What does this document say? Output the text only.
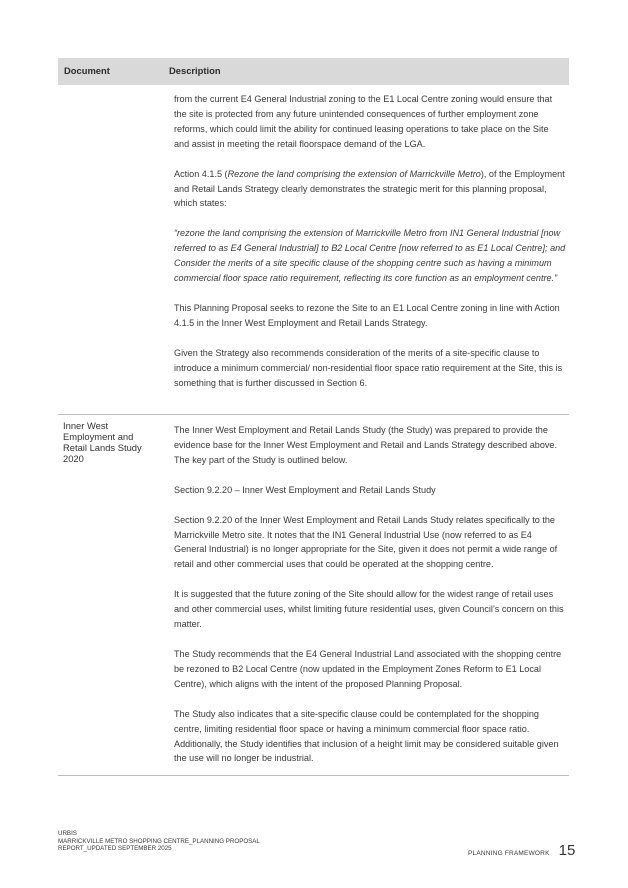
Document	Description

from the current E4 General Industrial zoning to the E1 Local Centre zoning would ensure that the site is protected from any future unintended consequences of further employment zone reforms, which could limit the ability for continued leasing operations to take place on the Site and assist in meeting the retail floorspace demand of the LGA.

Action 4.1.5 (Rezone the land comprising the extension of Marrickville Metro), of the Employment and Retail Lands Strategy clearly demonstrates the strategic merit for this planning proposal, which states:

“rezone the land comprising the extension of Marrickville Metro from IN1 General Industrial [now referred to as E4 General Industrial] to B2 Local Centre [now referred to as E1 Local Centre]; and

Consider the merits of a site specific clause of the shopping centre such as having a minimum commercial floor space ratio requirement, reflecting its core function as an employment centre.”

This Planning Proposal seeks to rezone the Site to an E1 Local Centre zoning in line with Action 4.1.5 in the Inner West Employment and Retail Lands Strategy.

Given the Strategy also recommends consideration of the merits of a site-specific clause to introduce a minimum commercial/ non-residential floor space ratio requirement at the Site, this is something that is further discussed in Section 6.

Inner West Employment and Retail Lands Study 2020

The Inner West Employment and Retail Lands Study (the Study) was prepared to provide the evidence base for the Inner West Employment and Retail and Lands Strategy described above. The key part of the Study is outlined below.

Section 9.2.20 – Inner West Employment and Retail Lands Study

Section 9.2.20 of the Inner West Employment and Retail Lands Study relates specifically to the Marrickville Metro site. It notes that the IN1 General Industrial Use (now referred to as E4 General Industrial) is no longer appropriate for the Site, given it does not permit a wide range of retail and other commercial uses that could be operated at the shopping centre.

It is suggested that the future zoning of the Site should allow for the widest range of retail uses and other commercial uses, whilst limiting future residential uses, given Council’s concern on this matter.

The Study recommends that the E4 General Industrial Land associated with the shopping centre be rezoned to B2 Local Centre (now updated in the Employment Zones Reform to E1 Local Centre), which aligns with the intent of the proposed Planning Proposal.

The Study also indicates that a site-specific clause could be contemplated for the shopping centre, limiting residential floor space or having a minimum commercial floor space ratio. Additionally, the Study identifies that inclusion of a height limit may be considered suitable given the use will no longer be industrial.

URBIS
MARRICKVILLE METRO SHOPPING CENTRE_PLANNING PROPOSAL
REPORT_UPDATED SEPTEMBER 2025
PLANNING FRAMEWORK 15
